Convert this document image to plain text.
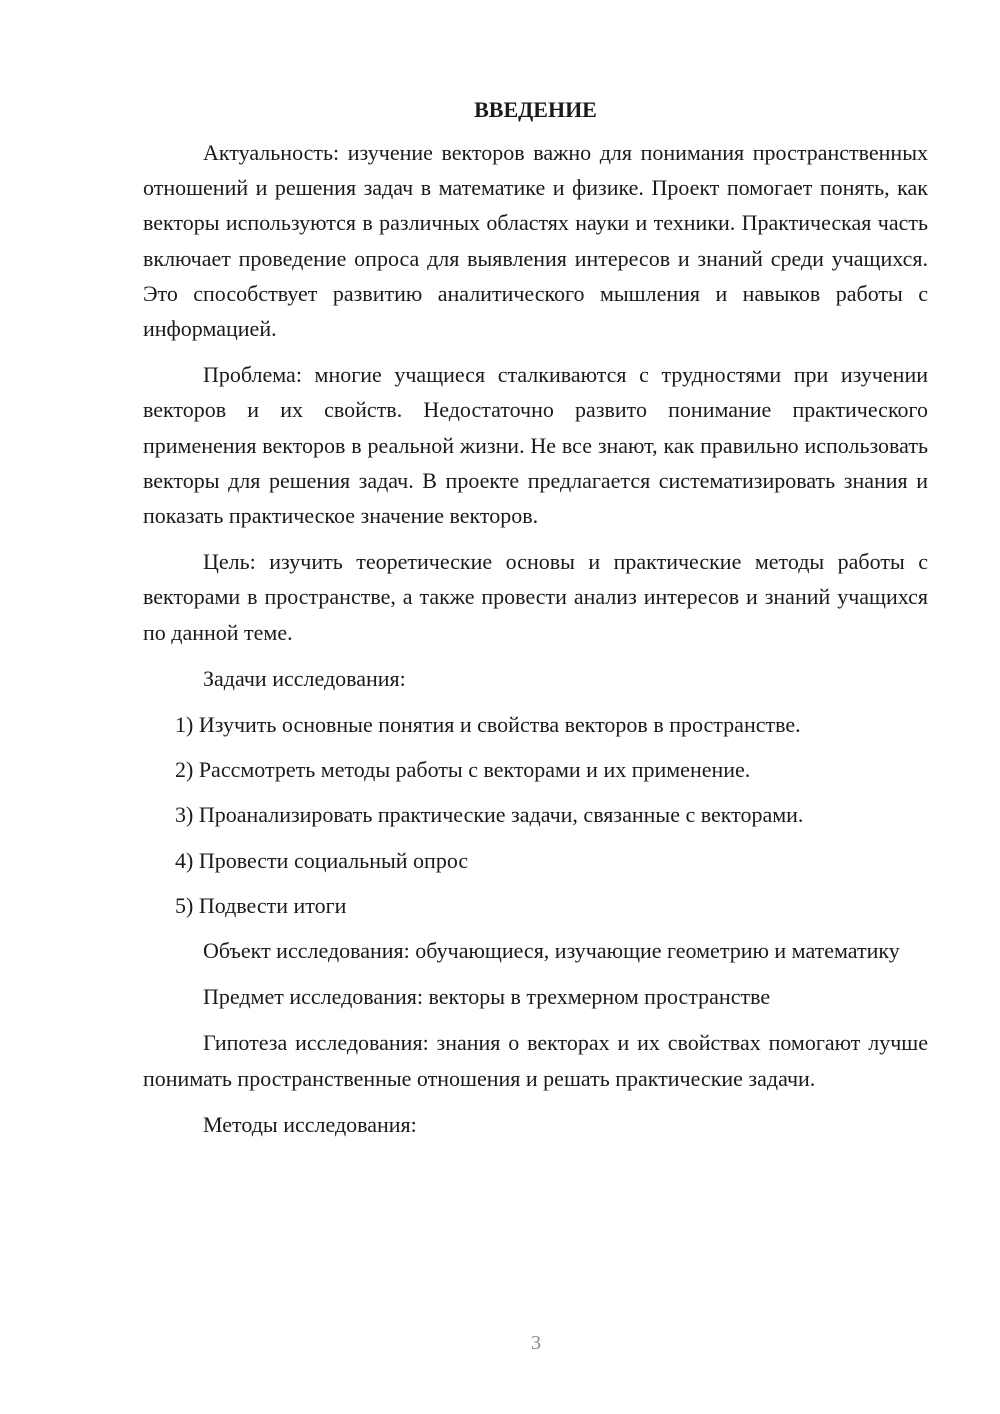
ВВЕДЕНИЕ

Актуальность: изучение векторов важно для понимания пространственных отношений и решения задач в математике и физике. Проект помогает понять, как векторы используются в различных областях науки и техники. Практическая часть включает проведение опроса для выявления интересов и знаний среди учащихся. Это способствует развитию аналитического мышления и навыков работы с информацией.

Проблема: многие учащиеся сталкиваются с трудностями при изучении векторов и их свойств. Недостаточно развито понимание практического применения векторов в реальной жизни. Не все знают, как правильно использовать векторы для решения задач. В проекте предлагается систематизировать знания и показать практическое значение векторов.

Цель: изучить теоретические основы и практические методы работы с векторами в пространстве, а также провести анализ интересов и знаний учащихся по данной теме.

Задачи исследования:

1) Изучить основные понятия и свойства векторов в пространстве.
2) Рассмотреть методы работы с векторами и их применение.
3) Проанализировать практические задачи, связанные с векторами.
4) Провести социальный опрос
5) Подвести итоги

Объект исследования: обучающиеся, изучающие геометрию и математику

Предмет исследования: векторы в трехмерном пространстве

Гипотеза исследования: знания о векторах и их свойствах помогают лучше понимать пространственные отношения и решать практические задачи.

Методы исследования:

3
